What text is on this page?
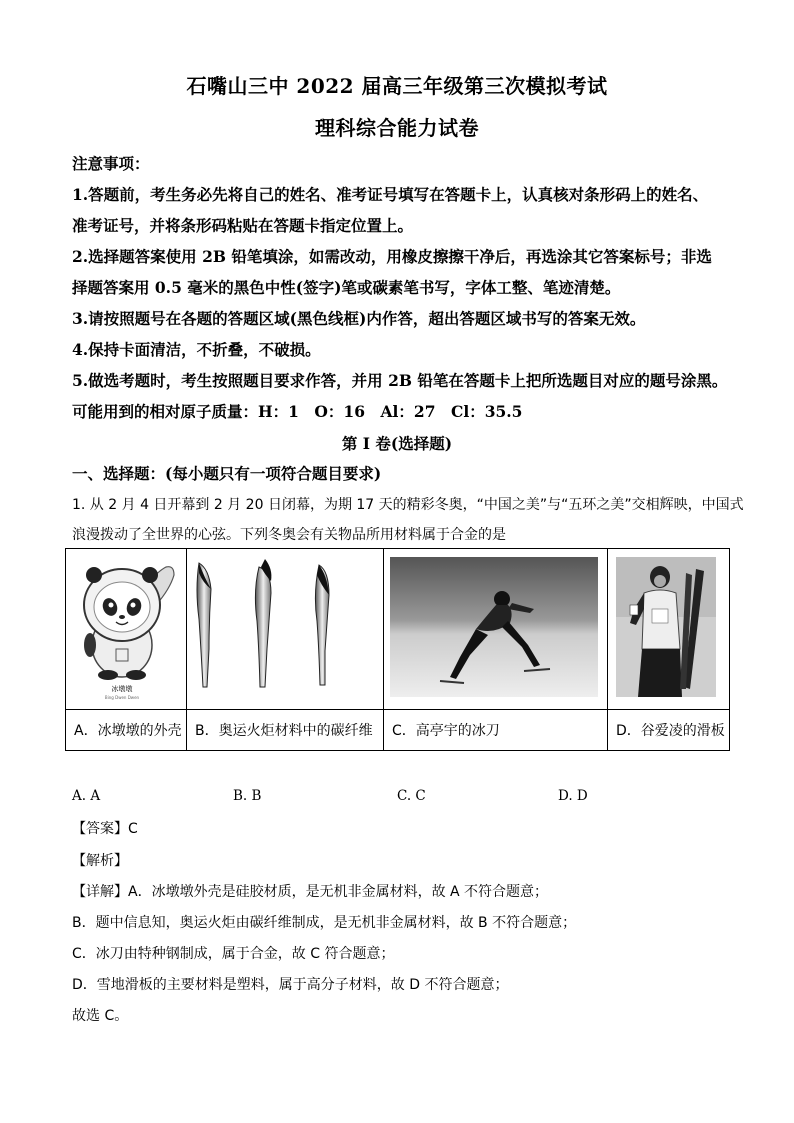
石嘴山三中 2022 届高三年级第三次模拟考试
理科综合能力试卷
注意事项：
1.答题前，考生务必先将自己的姓名、准考证号填写在答题卡上，认真核对条形码上的姓名、
准考证号，并将条形码粘贴在答题卡指定位置上。
2.选择题答案使用 2B 铅笔填涂，如需改动，用橡皮擦擦干净后，再选涂其它答案标号；非选
择题答案用 0.5 毫米的黑色中性(签字)笔或碳素笔书写，字体工整、笔迹清楚。
3.请按照题号在各题的答题区域(黑色线框)内作答，超出答题区域书写的答案无效。
4.保持卡面清洁，不折叠，不破损。
5.做选考题时，考生按照题目要求作答，并用 2B 铅笔在答题卡上把所选题目对应的题号涂黑。
可能用到的相对原子质量：H：1　O：16　Al：27　Cl：35.5
第 I 卷(选择题)
一、选择题：(每小题只有一项符合题目要求)
1. 从 2 月 4 日开幕到 2 月 20 日闭幕，为期 17 天的精彩冬奥，“中国之美”与“五环之美”交相辉映，中国式
浪漫拨动了全世界的心弦。下列冬奥会有关物品所用材料属于合金的是
冰墩墩
Bing Dwen Dwen

A．冰墩墩的外壳	B．奥运火炬材料中的碳纤维	C．高亭宇的冰刀	D．谷爱凌的滑板
A. A	B. B	C. C	D. D
【答案】C
【解析】
【详解】A．冰墩墩外壳是硅胶材质，是无机非金属材料，故 A 不符合题意；
B．题中信息知，奥运火炬由碳纤维制成，是无机非金属材料，故 B 不符合题意；
C．冰刀由特种钢制成，属于合金，故 C 符合题意；
D．雪地滑板的主要材料是塑料，属于高分子材料，故 D 不符合题意；
故选 C。
